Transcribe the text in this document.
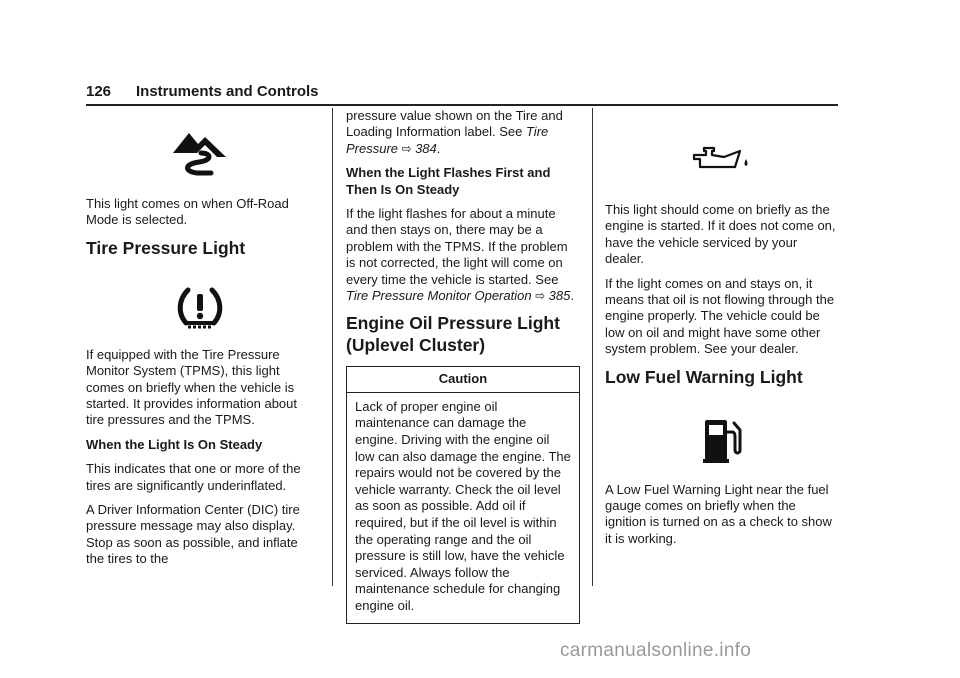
126 Instruments and Controls

This light comes on when Off-Road Mode is selected.

Tire Pressure Light

If equipped with the Tire Pressure Monitor System (TPMS), this light comes on briefly when the vehicle is started. It provides information about tire pressures and the TPMS.

When the Light Is On Steady

This indicates that one or more of the tires are significantly underinflated.

A Driver Information Center (DIC) tire pressure message may also display. Stop as soon as possible, and inflate the tires to the

pressure value shown on the Tire and Loading Information label. See Tire Pressure ⇨ 384.

When the Light Flashes First and Then Is On Steady

If the light flashes for about a minute and then stays on, there may be a problem with the TPMS. If the problem is not corrected, the light will come on every time the vehicle is started. See Tire Pressure Monitor Operation ⇨ 385.

Engine Oil Pressure Light (Uplevel Cluster)
Caution
Lack of proper engine oil maintenance can damage the engine. Driving with the engine oil low can also damage the engine. The repairs would not be covered by the vehicle warranty. Check the oil level as soon as possible. Add oil if required, but if the oil level is within the operating range and the oil pressure is still low, have the vehicle serviced. Always follow the maintenance schedule for changing engine oil.

This light should come on briefly as the engine is started. If it does not come on, have the vehicle serviced by your dealer.

If the light comes on and stays on, it means that oil is not flowing through the engine properly. The vehicle could be low on oil and might have some other system problem. See your dealer.

Low Fuel Warning Light

A Low Fuel Warning Light near the fuel gauge comes on briefly when the ignition is turned on as a check to show it is working.

carmanualsonline.info
